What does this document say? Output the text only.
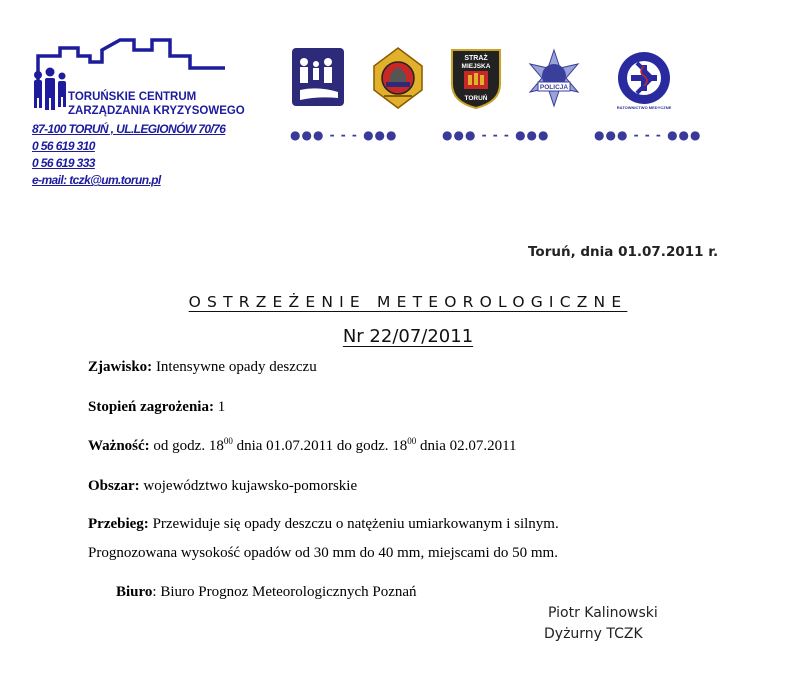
TORUŃSKIE CENTRUM
ZARZĄDZANIA KRYZYSOWEGO
87-100 TORUŃ , UL.LEGIONÓW 70/76
0 56 619 310
0 56 619 333
e-mail: tczk@um.torun.pl
STRAŻ
MIEJSKA
TORUŃ
POLICJA
RATOWNICTWO MEDYCZNE
●●● - - - ●●●	●●● - - - ●●●	●●● - - - ●●●
Toruń, dnia 01.07.2011 r.
OSTRZEŻENIE METEOROLOGICZNE
Nr 22/07/2011
Zjawisko: Intensywne opady deszczu
Stopień zagrożenia: 1
Ważność: od godz. $18^{00}$ dnia 01.07.2011 do godz. $18^{00}$ dnia 02.07.2011
Obszar: województwo kujawsko-pomorskie
Przebieg: Przewiduje się opady deszczu o natężeniu umiarkowanym i silnym.
Prognozowana wysokość opadów od 30 mm do 40 mm, miejscami do 50 mm.
Biuro: Biuro Prognoz Meteorologicznych Poznań
Piotr Kalinowski
Dyżurny TCZK
